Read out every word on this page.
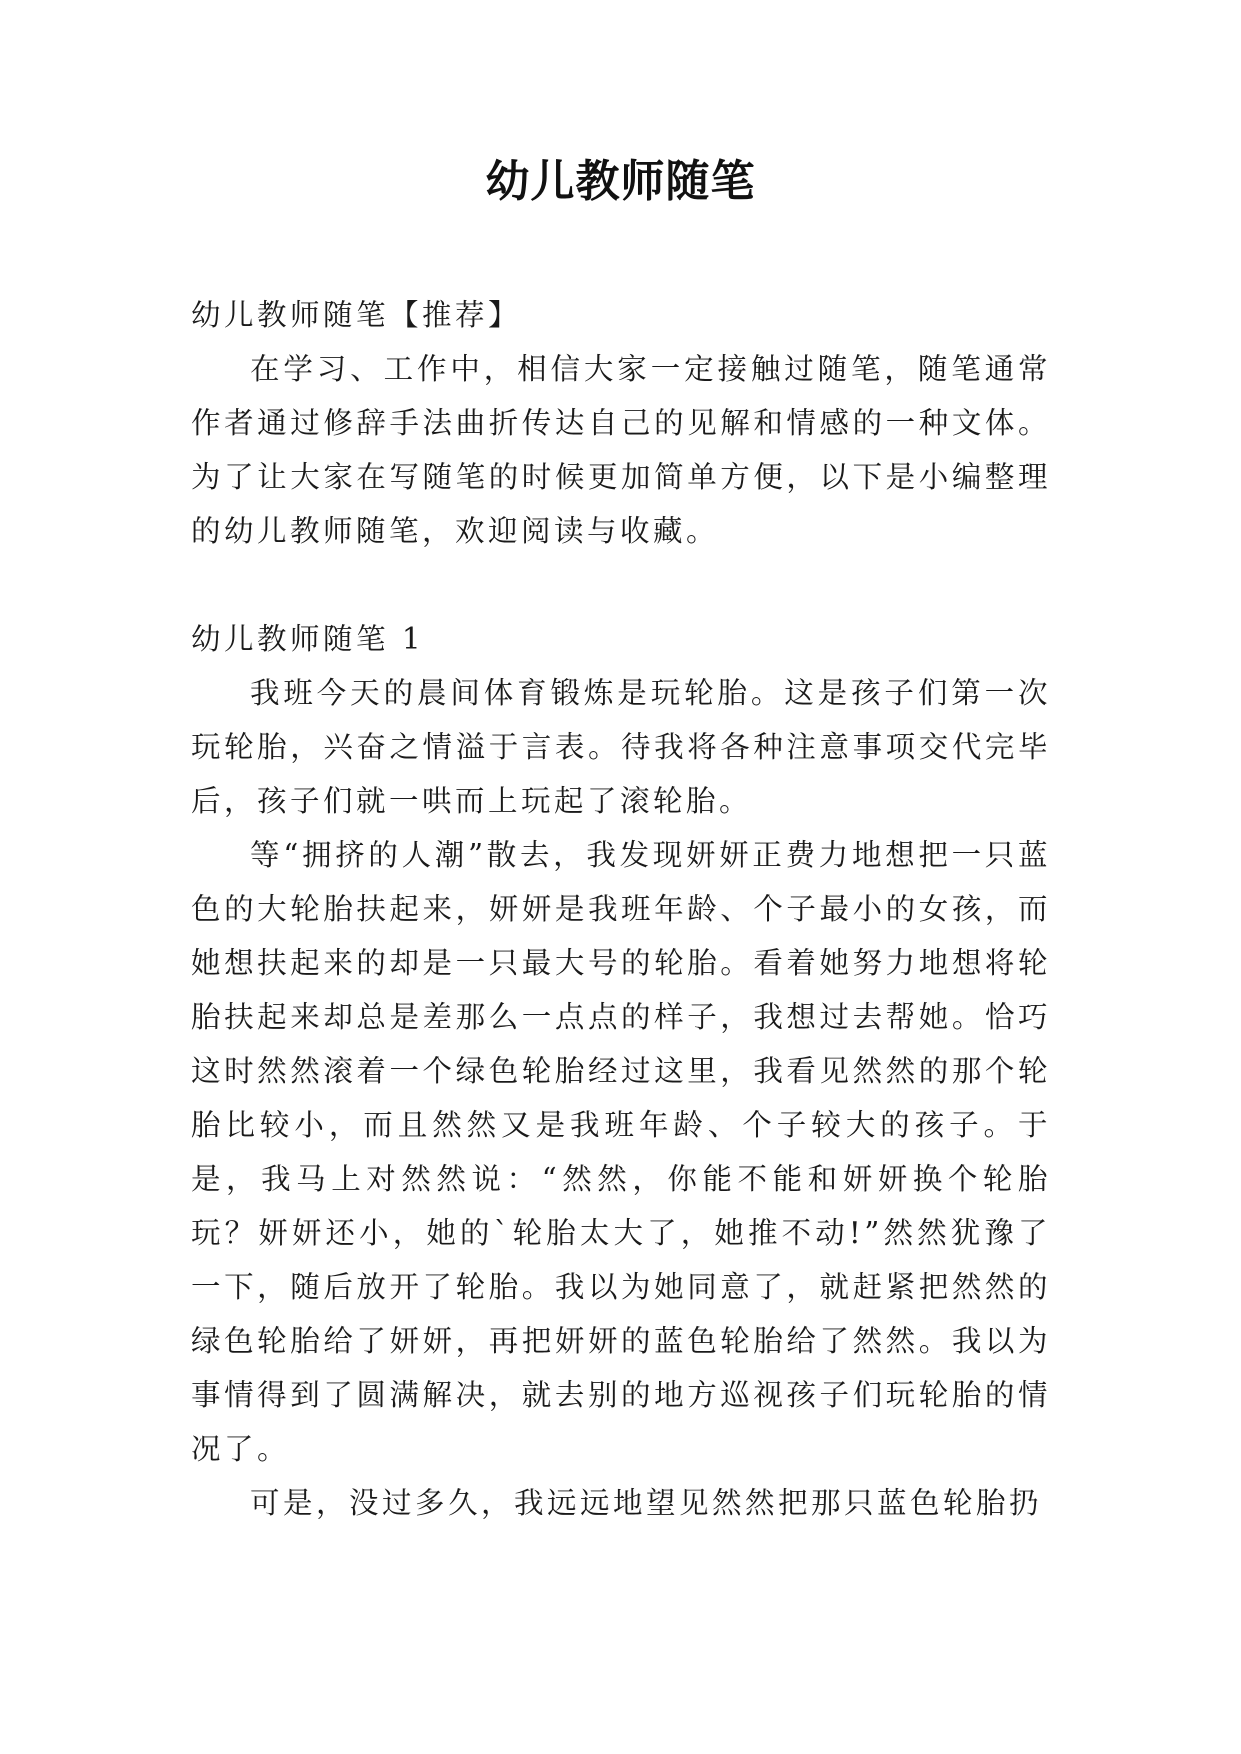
幼儿教师随笔

幼儿教师随笔【推荐】

在学习、工作中，相信大家一定接触过随笔，随笔通常作者通过修辞手法曲折传达自己的见解和情感的一种文体。为了让大家在写随笔的时候更加简单方便，以下是小编整理的幼儿教师随笔，欢迎阅读与收藏。

幼儿教师随笔 1

我班今天的晨间体育锻炼是玩轮胎。这是孩子们第一次玩轮胎，兴奋之情溢于言表。待我将各种注意事项交代完毕后，孩子们就一哄而上玩起了滚轮胎。

等“拥挤的人潮”散去，我发现妍妍正费力地想把一只蓝色的大轮胎扶起来，妍妍是我班年龄、个子最小的女孩，而她想扶起来的却是一只最大号的轮胎。看着她努力地想将轮胎扶起来却总是差那么一点点的样子，我想过去帮她。恰巧这时然然滚着一个绿色轮胎经过这里，我看见然然的那个轮胎比较小，而且然然又是我班年龄、个子较大的孩子。于是，我马上对然然说：“然然，你能不能和妍妍换个轮胎玩？妍妍还小，她的`轮胎太大了，她推不动!”然然犹豫了一下，随后放开了轮胎。我以为她同意了，就赶紧把然然的绿色轮胎给了妍妍，再把妍妍的蓝色轮胎给了然然。我以为事情得到了圆满解决，就去别的地方巡视孩子们玩轮胎的情况了。

可是，没过多久，我远远地望见然然把那只蓝色轮胎扔
